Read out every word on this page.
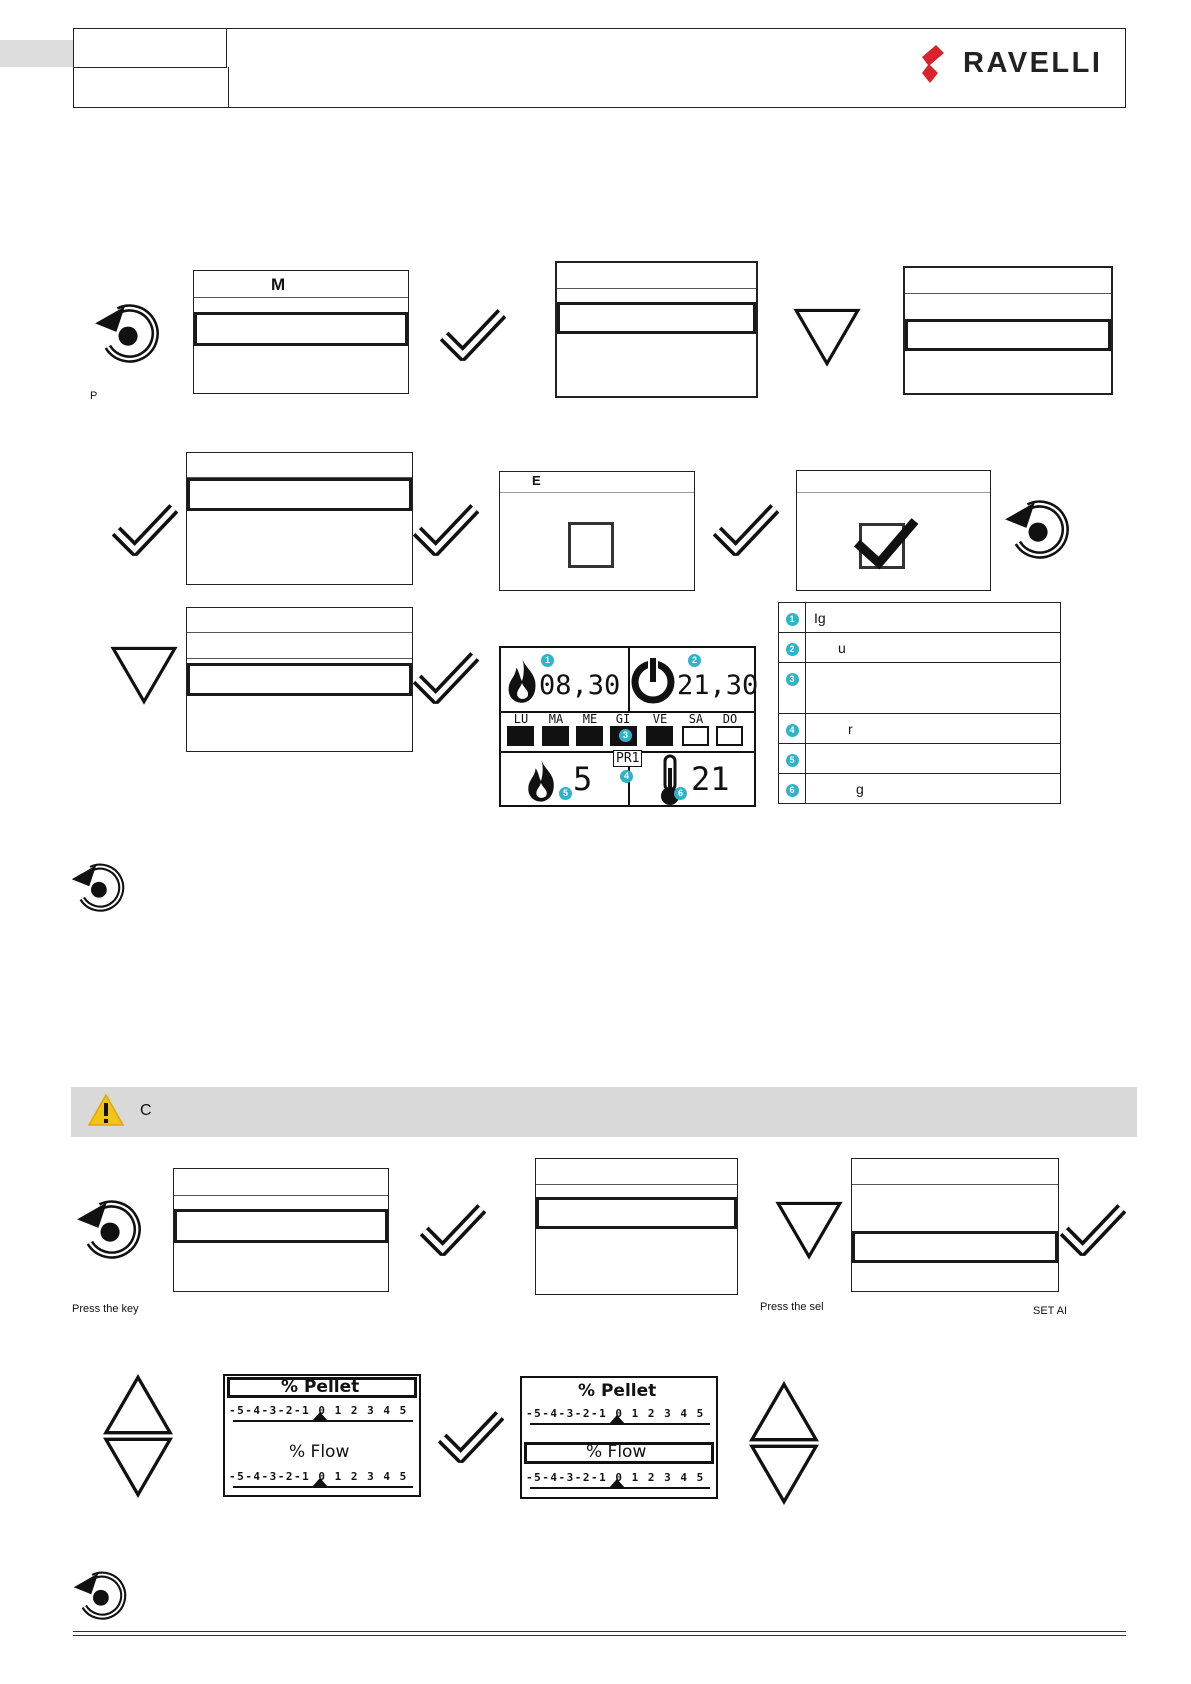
RAVELLI
P
M
E
08,30
1
21,30
2
LU	MA	ME	GI	VE	SA	DO
3
PR1
4
5
5	21
6
1	Ig
2	u
3	
4	r
5	
6	g
C
Press the key	Press the sel	SET AI
% Pellet
-5-4-3-2-1 0 1 2 3 4 5
% Flow
-5-4-3-2-1 0 1 2 3 4 5
% Pellet
-5-4-3-2-1 0 1 2 3 4 5
% Flow
-5-4-3-2-1 0 1 2 3 4 5
